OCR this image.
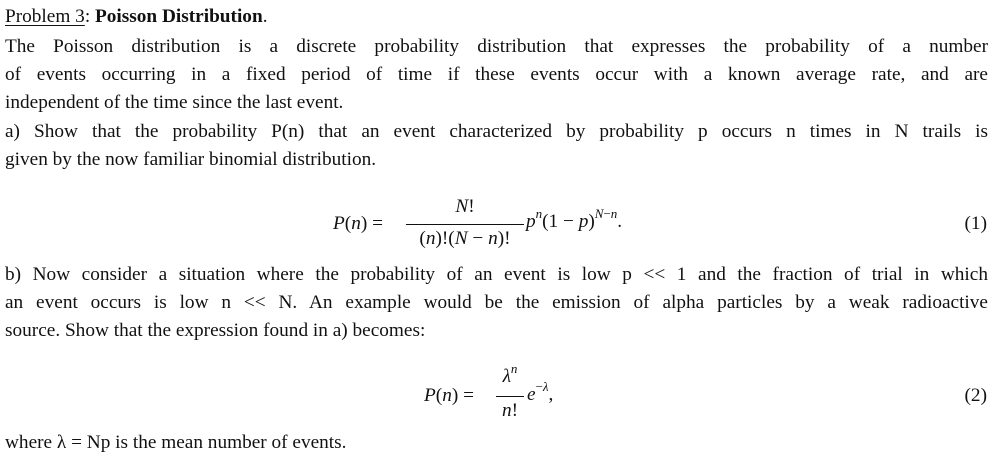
Problem 3: Poisson Distribution.
The Poisson distribution is a discrete probability distribution that expresses the probability of a number
of events occurring in a fixed period of time if these events occur with a known average rate, and are
independent of the time since the last event.
a) Show that the probability P(n) that an event characterized by probability p occurs n times in N trails is
given by the now familiar binomial distribution.
P(n) =
N!
(n)!(N − n)!
$p^n(1 - p)^{N-n}$.	(1)
b) Now consider a situation where the probability of an event is low p << 1 and the fraction of trial in which
an event occurs is low n << N. An example would be the emission of alpha particles by a weak radioactive
source. Show that the expression found in a) becomes:
P(n) =
$\lambda^n$
n!
$e^{-\lambda}$,	(2)
where λ = Np is the mean number of events.
